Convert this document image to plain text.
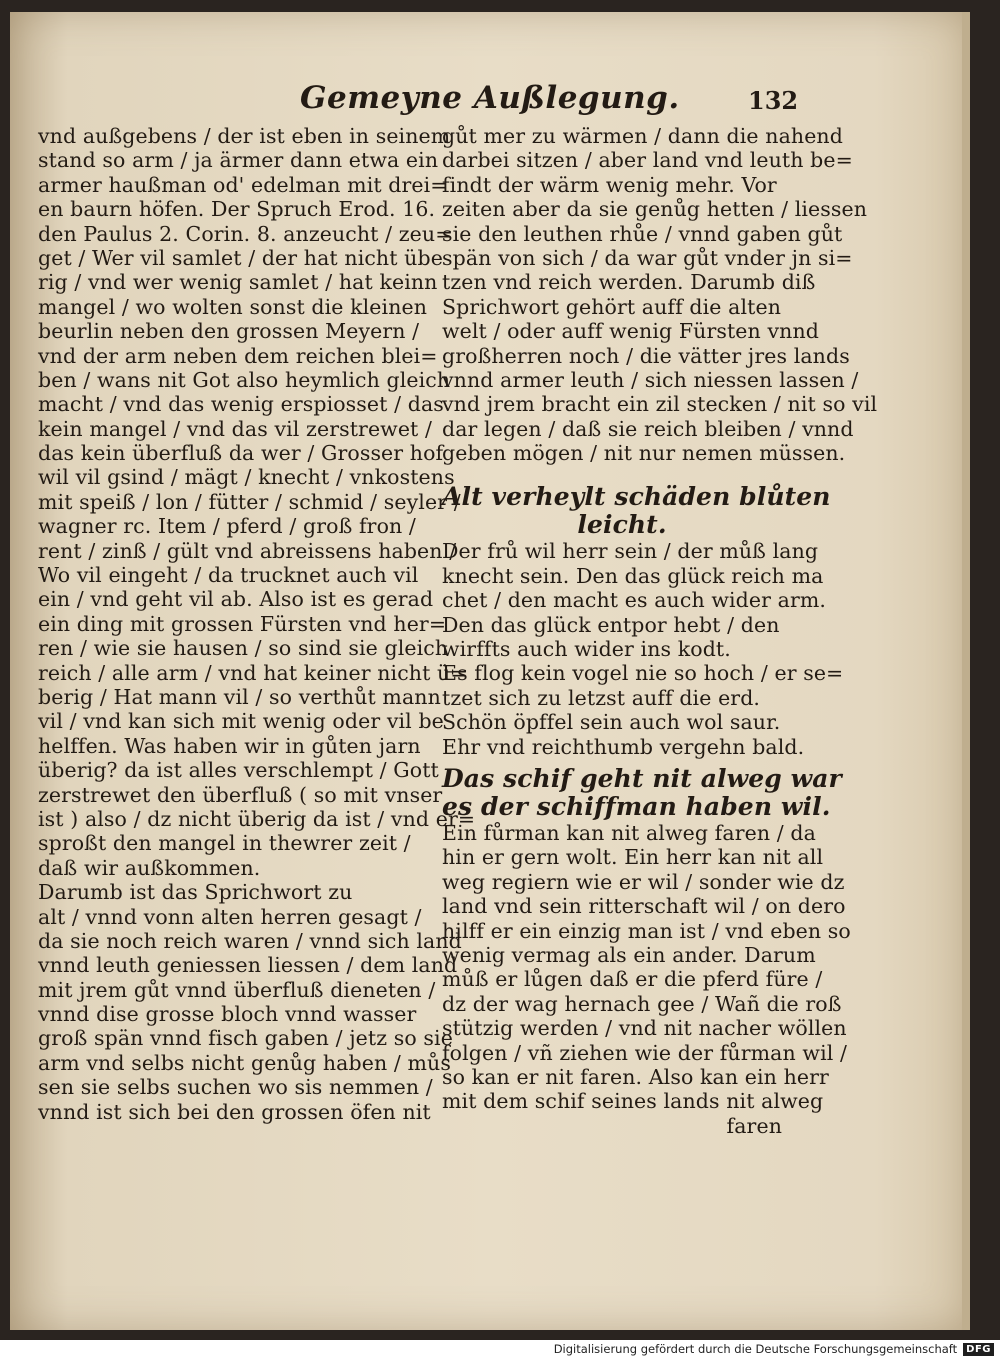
Gemeyne Außlegung.	132
vnd außgebens / der ist eben in seinem
stand so arm / ja ärmer dann etwa ein
armer haußman od' edelman mit drei=
en baurn höfen. Der Spruch Erod. 16.
den Paulus 2. Corin. 8. anzeucht / zeu=
get / Wer vil samlet / der hat nicht übe
rig / vnd wer wenig samlet / hat keinn
mangel / wo wolten sonst die kleinen
beurlin neben den grossen Meyern /
vnd der arm neben dem reichen blei=
ben / wans nit Got also heymlich gleich
macht / vnd das wenig erspiosset / das
kein mangel / vnd das vil zerstrewet /
das kein überfluß da wer / Grosser hof
wil vil gsind / mägt / knecht / vnkostens
mit speiß / lon / fütter / schmid / seyler /
wagner rc. Item / pferd / groß fron /
rent / zinß / gült vnd abreissens haben /
Wo vil eingeht / da trucknet auch vil
ein / vnd geht vil ab. Also ist es gerad
ein ding mit grossen Fürsten vnd her=
ren / wie sie hausen / so sind sie gleich
reich / alle arm / vnd hat keiner nicht ü=
berig / Hat mann vil / so verthůt mann
vil / vnd kan sich mit wenig oder vil be
helffen. Was haben wir in gůten jarn
überig? da ist alles verschlempt / Gott
zerstrewet den überfluß ( so mit vnser
ist ) also / dz nicht überig da ist / vnd er=
sproßt den mangel in thewrer zeit /
daß wir außkommen.
Darumb ist das Sprichwort zu
alt / vnnd vonn alten herren gesagt /
da sie noch reich waren / vnnd sich land
vnnd leuth geniessen liessen / dem land
mit jrem gůt vnnd überfluß dieneten /
vnnd dise grosse bloch vnnd wasser
groß spän vnnd fisch gaben / jetz so sie
arm vnd selbs nicht genůg haben / můs
sen sie selbs suchen wo sis nemmen /
vnnd ist sich bei den grossen öfen nit
gůt mer zu wärmen / dann die nahend
darbei sitzen / aber land vnd leuth be=
findt der wärm wenig mehr. Vor
zeiten aber da sie genůg hetten / liessen
sie den leuthen rhůe / vnnd gaben gůt
spän von sich / da war gůt vnder jn si=
tzen vnd reich werden. Darumb diß
Sprichwort gehört auff die alten
welt / oder auff wenig Fürsten vnnd
großherren noch / die vätter jres lands
vnnd armer leuth / sich niessen lassen /
vnd jrem bracht ein zil stecken / nit so vil
dar legen / daß sie reich bleiben / vnnd
geben mögen / nit nur nemen müssen.
Alt verheylt schäden blůten
leicht.
Der frů wil herr sein / der můß lang
knecht sein. Den das glück reich ma
chet / den macht es auch wider arm.
Den das glück entpor hebt / den
wirffts auch wider ins kodt.
Es flog kein vogel nie so hoch / er se=
tzet sich zu letzst auff die erd.
Schön öpffel sein auch wol saur.
Ehr vnd reichthumb vergehn bald.
Das schif geht nit alweg war
es der schiffman haben wil.
Ein fůrman kan nit alweg faren / da
hin er gern wolt. Ein herr kan nit all
weg regiern wie er wil / sonder wie dz
land vnd sein ritterschaft wil / on dero
hilff er ein einzig man ist / vnd eben so
wenig vermag als ein ander. Darum
můß er lůgen daß er die pferd füre /
dz der wag hernach gee / Wañ die roß
stützig werden / vnd nit nacher wöllen
folgen / vñ ziehen wie der fůrman wil /
so kan er nit faren. Also kan ein herr
mit dem schif seines lands nit alweg
faren
Digitalisierung gefördert durch die Deutsche Forschungsgemeinschaft DFG
